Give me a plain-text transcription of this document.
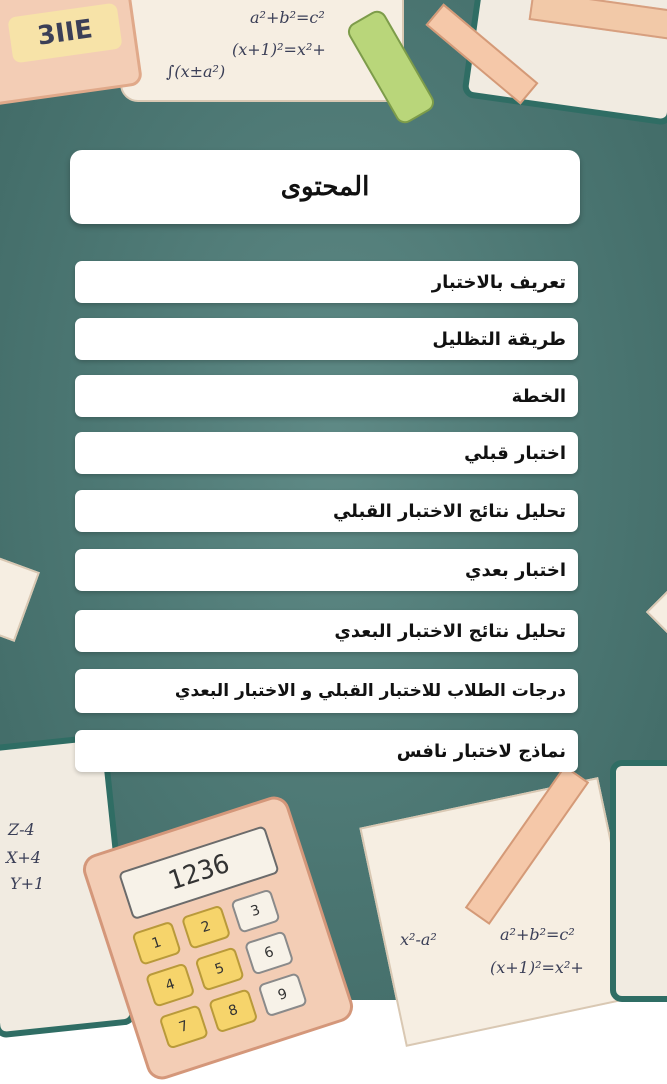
3IIE	a²+b²=c²
(x+1)²=x²+
∫(x±a²)
Z-4
X+4
Y+1
a²+b²=c²
x²-a²
(x+1)²=x²+
1236
1
2
3
4
5
6
7
8
9
المحتوى
تعريف بالاختبار
طريقة التظليل
الخطة
اختبار قبلي
تحليل نتائج الاختبار القبلي
اختبار بعدي
تحليل نتائج الاختبار البعدي
درجات الطلاب للاختبار القبلي و الاختبار البعدي
نماذج لاختبار نافس
